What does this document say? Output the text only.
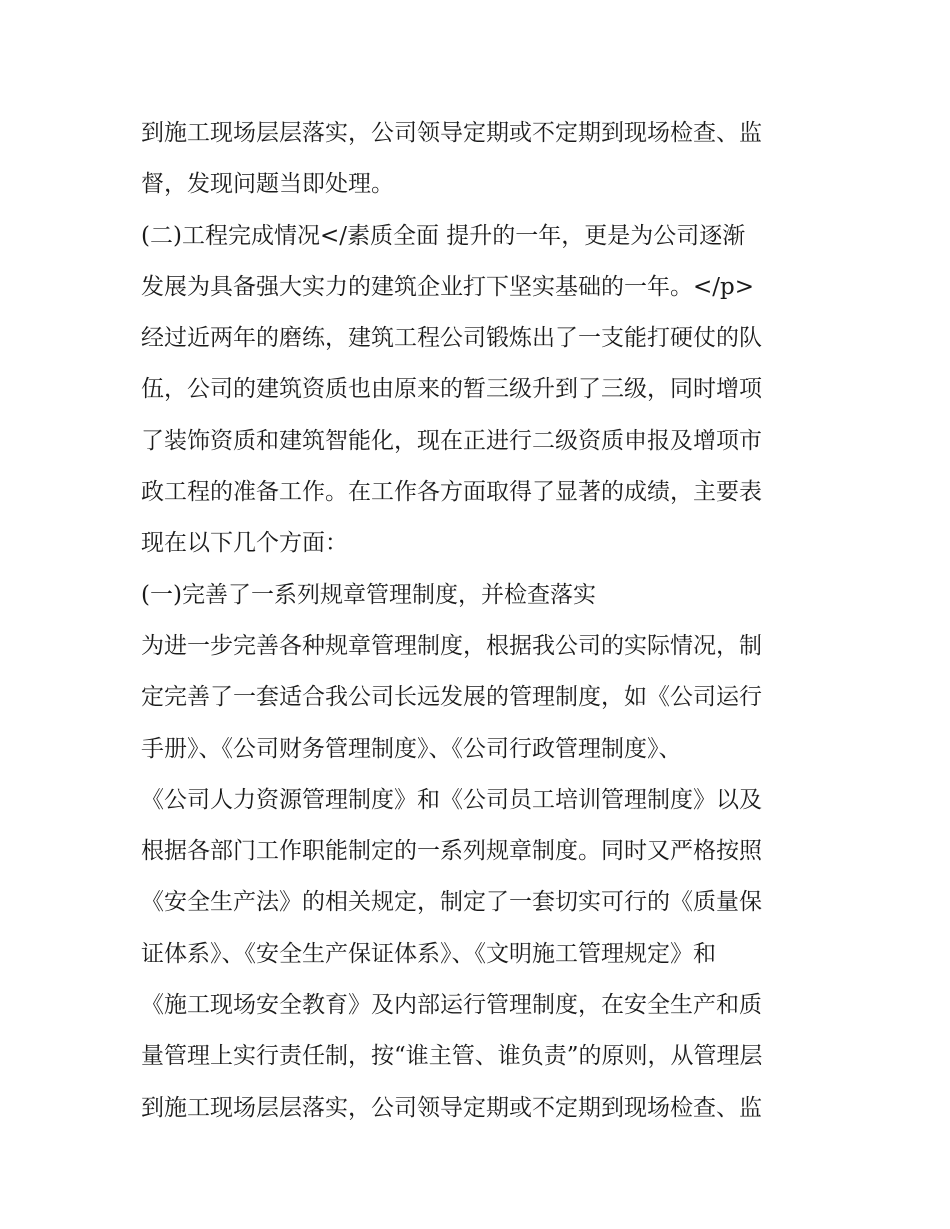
到施工现场层层落实，公司领导定期或不定期到现场检查、监
督，发现问题当即处理。
(二)工程完成情况</素质全面 提升的一年，更是为公司逐渐
发展为具备强大实力的建筑企业打下坚实基础的一年。</p>
经过近两年的磨练，建筑工程公司锻炼出了一支能打硬仗的队
伍，公司的建筑资质也由原来的暂三级升到了三级，同时增项
了装饰资质和建筑智能化，现在正进行二级资质申报及增项市
政工程的准备工作。在工作各方面取得了显著的成绩，主要表
现在以下几个方面：
(一)完善了一系列规章管理制度，并检查落实
为进一步完善各种规章管理制度，根据我公司的实际情况，制
定完善了一套适合我公司长远发展的管理制度，如《公司运行
手册》、《公司财务管理制度》、《公司行政管理制度》、
《公司人力资源管理制度》和《公司员工培训管理制度》以及
根据各部门工作职能制定的一系列规章制度。同时又严格按照
《安全生产法》的相关规定，制定了一套切实可行的《质量保
证体系》、《安全生产保证体系》、《文明施工管理规定》和
《施工现场安全教育》及内部运行管理制度，在安全生产和质
量管理上实行责任制，按“谁主管、谁负责”的原则，从管理层
到施工现场层层落实，公司领导定期或不定期到现场检查、监
